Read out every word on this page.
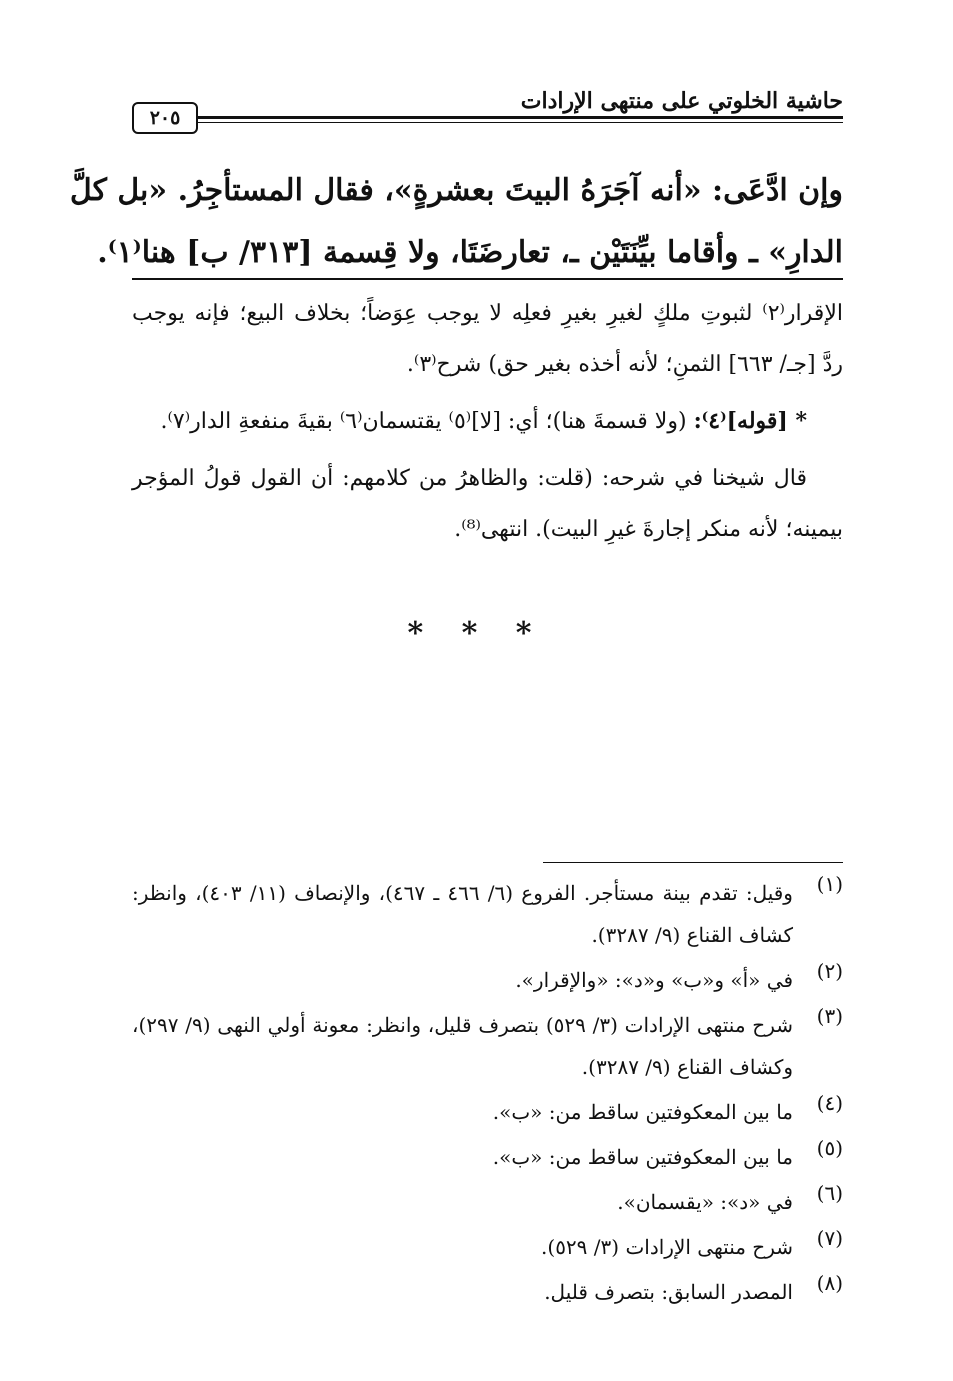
حاشية الخلوتي على منتهى الإرادات
٢٠٥
وإن ادَّعَى: «أنه آجَرَهُ البيتَ بعشرةٍ»، فقال المستأجِرُ. «بل كلَّ
الدارِ» ـ وأقاما بيِّنَتَيْن ـ، تعارضَتَا، ولا قِسمة [٣١٣/ ب] هنا⁽١⁾.
الإقرار⁽٢⁾ لثبوتِ ملكٍ لغيرِ بغيرِ فعلِه لا يوجب عِوَضاً؛ بخلاف البيع؛ فإنه يوجب
ردَّ [جـ/ ٦٦٣] الثمنِ؛ لأنه أخذه بغير حق) شرح⁽٣⁾.
* [قوله]⁽٤⁾: (ولا قسمةَ هنا)؛ أي: [لا]⁽٥⁾ يقتسمان⁽٦⁾ بقيةَ منفعةِ الدار⁽٧⁾.
قال شيخنا في شرحه: (قلت: والظاهرُ من كلامهم: أن القول قولُ المؤجر
بيمينه؛ لأنه منكر إجارةَ غيرِ البيت). انتهى⁽⁸⁾.
* * *
(١)
وقيل: تقدم بينة مستأجر. الفروع (٦/ ٤٦٦ ـ ٤٦٧)، والإنصاف (١١/ ٤٠٣)، وانظر:
كشاف القناع (٩/ ٣٢٨٧).
(٢)
في «أ» و«ب» و«د»: «والإقرار».
(٣)
شرح منتهى الإرادات (٣/ ٥٢٩) بتصرف قليل، وانظر: معونة أولي النهى (٩/ ٢٩٧)،
وكشاف القناع (٩/ ٣٢٨٧).
(٤)
ما بين المعكوفتين ساقط من: «ب».
(٥)
ما بين المعكوفتين ساقط من: «ب».
(٦)
في «د»: «يقسمان».
(٧)
شرح منتهى الإرادات (٣/ ٥٢٩).
(٨)
المصدر السابق: بتصرف قليل.
